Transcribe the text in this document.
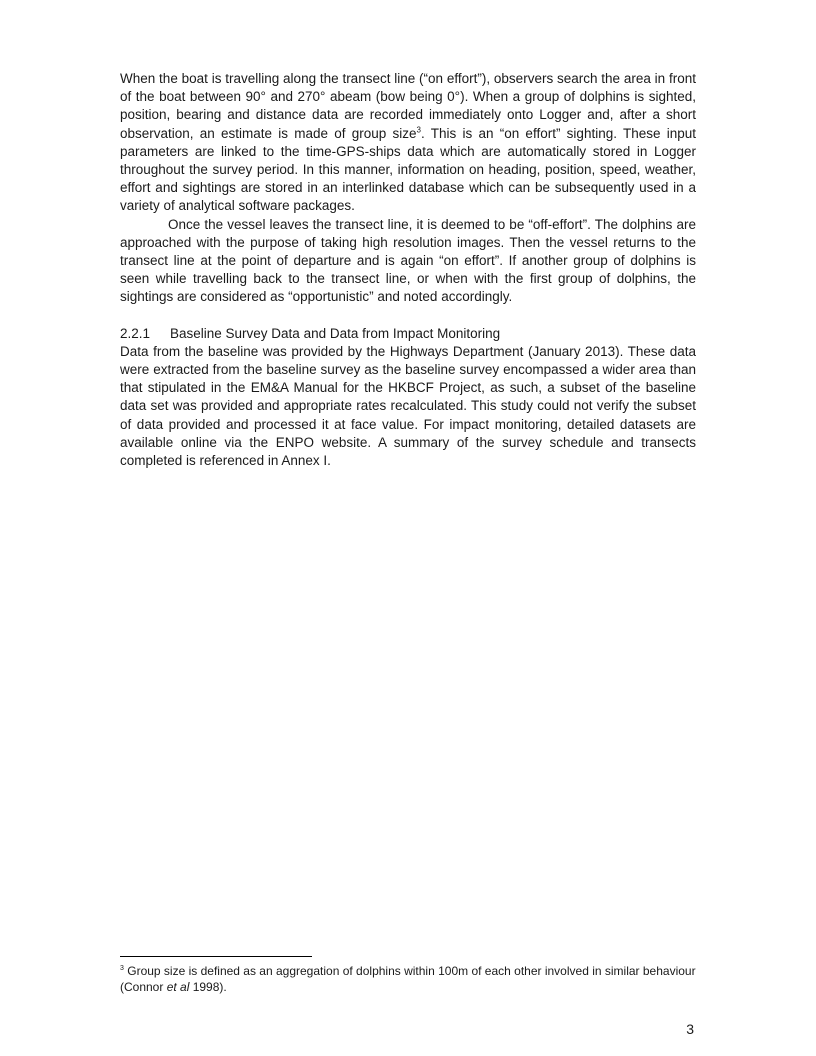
When the boat is travelling along the transect line (“on effort”), observers search the area in front of the boat between 90° and 270° abeam (bow being 0°). When a group of dolphins is sighted, position, bearing and distance data are recorded immediately onto Logger and, after a short observation, an estimate is made of group size$^3$. This is an “on effort” sighting. These input parameters are linked to the time-GPS-ships data which are automatically stored in Logger throughout the survey period. In this manner, information on heading, position, speed, weather, effort and sightings are stored in an interlinked database which can be subsequently used in a variety of analytical software packages.

Once the vessel leaves the transect line, it is deemed to be “off-effort”. The dolphins are approached with the purpose of taking high resolution images. Then the vessel returns to the transect line at the point of departure and is again “on effort”. If another group of dolphins is seen while travelling back to the transect line, or when with the first group of dolphins, the sightings are considered as “opportunistic” and noted accordingly.

2.2.1 Baseline Survey Data and Data from Impact Monitoring

Data from the baseline was provided by the Highways Department (January 2013). These data were extracted from the baseline survey as the baseline survey encompassed a wider area than that stipulated in the EM&A Manual for the HKBCF Project, as such, a subset of the baseline data set was provided and appropriate rates recalculated. This study could not verify the subset of data provided and processed it at face value. For impact monitoring, detailed datasets are available online via the ENPO website. A summary of the survey schedule and transects completed is referenced in Annex I.

$^3$ Group size is defined as an aggregation of dolphins within 100m of each other involved in similar behaviour (Connor et al 1998).

3
